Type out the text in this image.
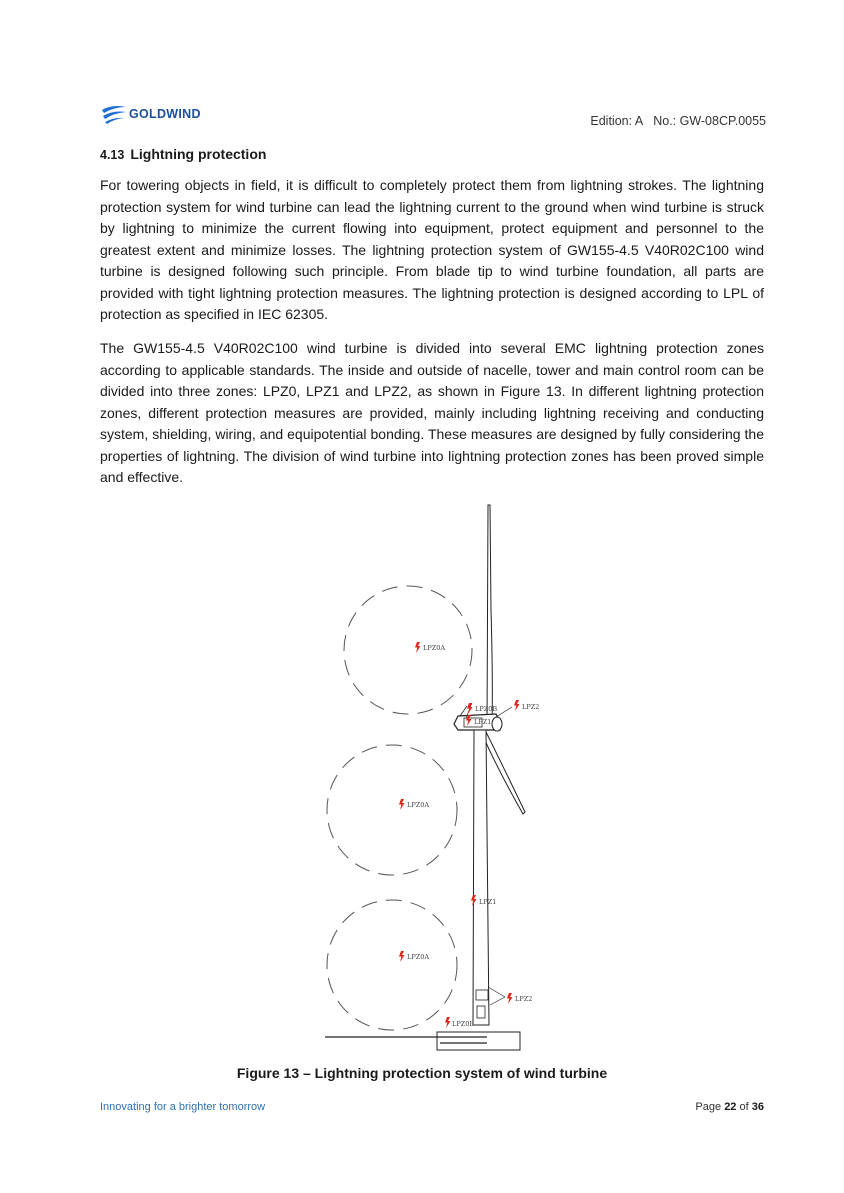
GOLDWIND	Edition: A No.: GW-08CP.0055
4.13 Lightning protection

For towering objects in field, it is difficult to completely protect them from lightning strokes. The lightning protection system for wind turbine can lead the lightning current to the ground when wind turbine is struck by lightning to minimize the current flowing into equipment, protect equipment and personnel to the greatest extent and minimize losses. The lightning protection system of GW155-4.5 V40R02C100 wind turbine is designed following such principle. From blade tip to wind turbine foundation, all parts are provided with tight lightning protection measures. The lightning protection is designed according to LPL of protection as specified in IEC 62305.

The GW155-4.5 V40R02C100 wind turbine is divided into several EMC lightning protection zones according to applicable standards. The inside and outside of nacelle, tower and main control room can be divided into three zones: LPZ0, LPZ1 and LPZ2, as shown in Figure 13. In different lightning protection zones, different protection measures are provided, mainly including lightning receiving and conducting system, shielding, wiring, and equipotential bonding. These measures are designed by fully considering the properties of lightning. The division of wind turbine into lightning protection zones has been proved simple and effective.

LPZ0A
LPZ0A
LPZ0A
LPZ0B
LPZ1
LPZ2
LPZ1
LPZ2
LPZ0B
Figure 13 – Lightning protection system of wind turbine
Innovating for a brighter tomorrow	Page 22 of 36
